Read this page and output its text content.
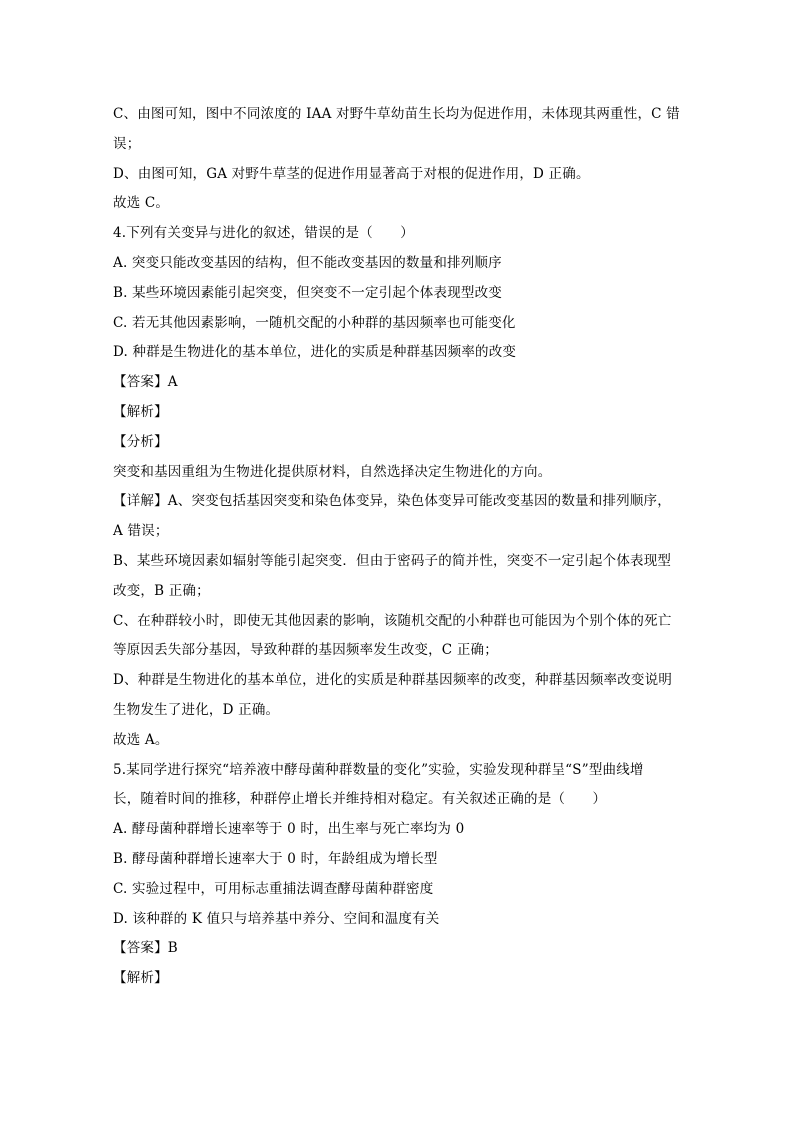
C、由图可知，图中不同浓度的 IAA 对野牛草幼苗生长均为促进作用，未体现其两重性，C 错
误；
D、由图可知，GA 对野牛草茎的促进作用显著高于对根的促进作用，D 正确。
故选 C。
4.下列有关变异与进化的叙述，错误的是（　　）
A. 突变只能改变基因的结构，但不能改变基因的数量和排列顺序
B. 某些环境因素能引起突变，但突变不一定引起个体表现型改变
C. 若无其他因素影响，一随机交配的小种群的基因频率也可能变化
D. 种群是生物进化的基本单位，进化的实质是种群基因频率的改变
【答案】A
【解析】
【分析】
突变和基因重组为生物进化提供原材料，自然选择决定生物进化的方向。
【详解】A、突变包括基因突变和染色体变异，染色体变异可能改变基因的数量和排列顺序，
A 错误；
B、某些环境因素如辐射等能引起突变．但由于密码子的简并性，突变不一定引起个体表现型
改变，B 正确；
C、在种群较小时，即使无其他因素的影响，该随机交配的小种群也可能因为个别个体的死亡
等原因丢失部分基因，导致种群的基因频率发生改变，C 正确；
D、种群是生物进化的基本单位，进化的实质是种群基因频率的改变，种群基因频率改变说明
生物发生了进化，D 正确。
故选 A。
5.某同学进行探究“培养液中酵母菌种群数量的变化”实验，实验发现种群呈“S”型曲线增
长，随着时间的推移，种群停止增长并维持相对稳定。有关叙述正确的是（　　）
A. 酵母菌种群增长速率等于 0 时，出生率与死亡率均为 0
B. 酵母菌种群增长速率大于 0 时，年龄组成为增长型
C. 实验过程中，可用标志重捕法调查酵母菌种群密度
D. 该种群的 K 值只与培养基中养分、空间和温度有关
【答案】B
【解析】
